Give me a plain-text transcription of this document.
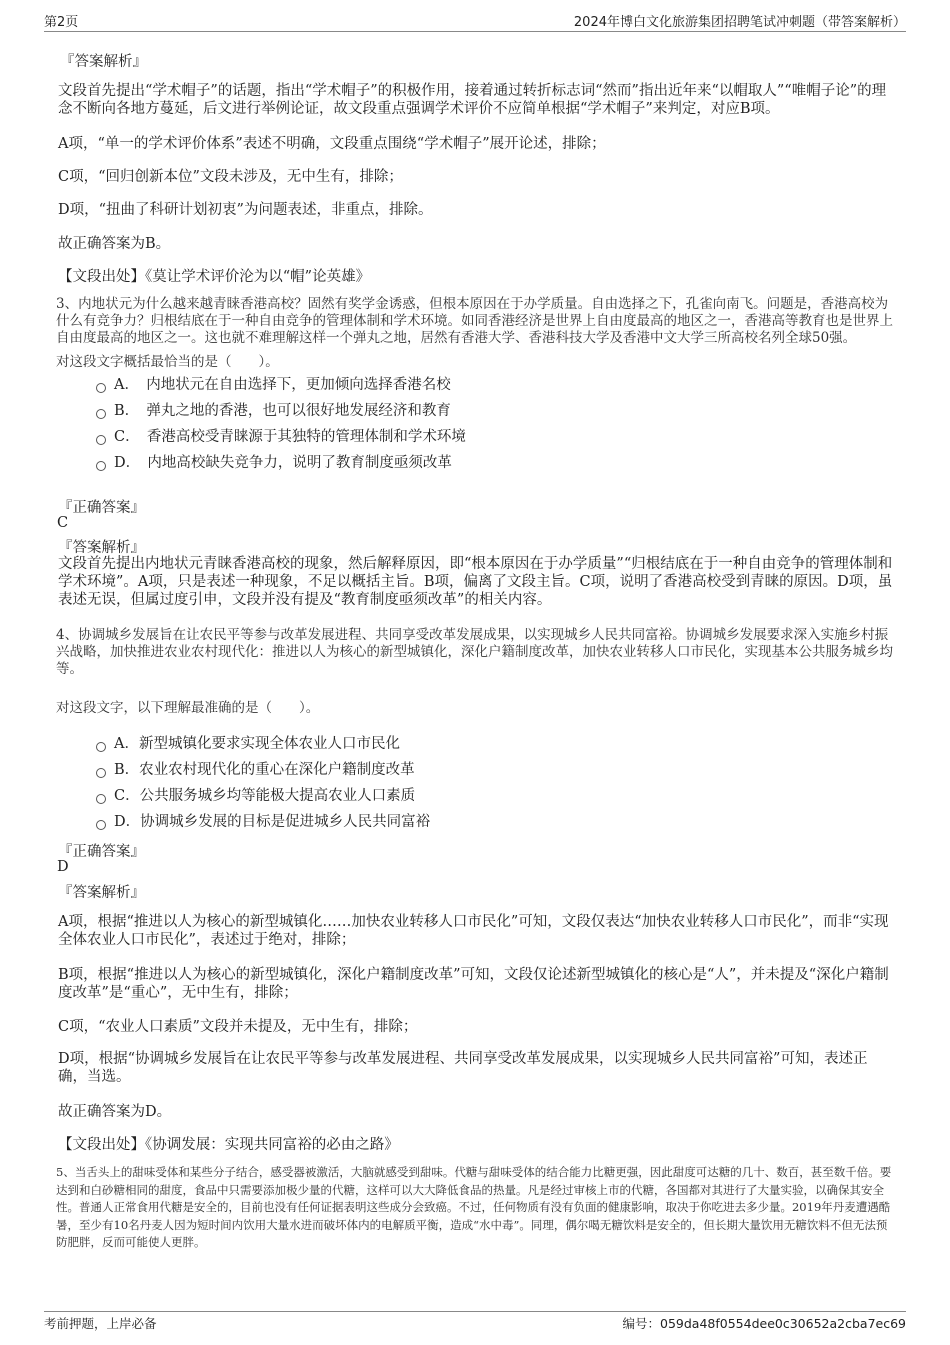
第2页	2024年博白文化旅游集团招聘笔试冲刺题（带答案解析）
『答案解析』
文段首先提出“学术帽子”的话题，指出“学术帽子”的积极作用，接着通过转折标志词“然而”指出近年来“以帽取人”“唯帽子论”的理念不断向各地方蔓延，后文进行举例论证，故文段重点强调学术评价不应简单根据“学术帽子”来判定，对应B项。
A项，“单一的学术评价体系”表述不明确，文段重点围绕“学术帽子”展开论述，排除；
C项，“回归创新本位”文段未涉及，无中生有，排除；
D项，“扭曲了科研计划初衷”为问题表述，非重点，排除。
故正确答案为B。
【文段出处】《莫让学术评价沦为以“帽”论英雄》
3、内地状元为什么越来越青睐香港高校？固然有奖学金诱惑，但根本原因在于办学质量。自由选择之下，孔雀向南飞。问题是，香港高校为什么有竞争力？归根结底在于一种自由竞争的管理体制和学术环境。如同香港经济是世界上自由度最高的地区之一，香港高等教育也是世界上自由度最高的地区之一。这也就不难理解这样一个弹丸之地，居然有香港大学、香港科技大学及香港中文大学三所高校名列全球50强。
对这段文字概括最恰当的是（　　）。
A．　内地状元在自由选择下，更加倾向选择香港名校
B．　弹丸之地的香港，也可以很好地发展经济和教育
C．　香港高校受青睐源于其独特的管理体制和学术环境
D．　内地高校缺失竞争力，说明了教育制度亟须改革
『正确答案』
C
『答案解析』
文段首先提出内地状元青睐香港高校的现象，然后解释原因，即“根本原因在于办学质量”“归根结底在于一种自由竞争的管理体制和学术环境”。A项，只是表述一种现象，不足以概括主旨。B项，偏离了文段主旨。C项，说明了香港高校受到青睐的原因。D项，虽表述无误，但属过度引申，文段并没有提及“教育制度亟须改革”的相关内容。
4、协调城乡发展旨在让农民平等参与改革发展进程、共同享受改革发展成果，以实现城乡人民共同富裕。协调城乡发展要求深入实施乡村振兴战略，加快推进农业农村现代化：推进以人为核心的新型城镇化，深化户籍制度改革，加快农业转移人口市民化，实现基本公共服务城乡均等。
对这段文字，以下理解最准确的是（　　）。
A．新型城镇化要求实现全体农业人口市民化
B．农业农村现代化的重心在深化户籍制度改革
C．公共服务城乡均等能极大提高农业人口素质
D．协调城乡发展的目标是促进城乡人民共同富裕
『正确答案』
D
『答案解析』
A项，根据“推进以人为核心的新型城镇化……加快农业转移人口市民化”可知，文段仅表达“加快农业转移人口市民化”，而非“实现全体农业人口市民化”，表述过于绝对，排除；
B项，根据“推进以人为核心的新型城镇化，深化户籍制度改革”可知，文段仅论述新型城镇化的核心是“人”，并未提及“深化户籍制度改革”是“重心”，无中生有，排除；
C项，“农业人口素质”文段并未提及，无中生有，排除；
D项，根据“协调城乡发展旨在让农民平等参与改革发展进程、共同享受改革发展成果，以实现城乡人民共同富裕”可知，表述正确，当选。
故正确答案为D。
【文段出处】《协调发展：实现共同富裕的必由之路》
5、当舌头上的甜味受体和某些分子结合，感受器被激活，大脑就感受到甜味。代糖与甜味受体的结合能力比糖更强，因此甜度可达糖的几十、数百，甚至数千倍。要达到和白砂糖相同的甜度，食品中只需要添加极少量的代糖，这样可以大大降低食品的热量。凡是经过审核上市的代糖，各国都对其进行了大量实验，以确保其安全性。普通人正常食用代糖是安全的，目前也没有任何证据表明这些成分会致癌。不过，任何物质有没有负面的健康影响，取决于你吃进去多少量。2019年丹麦遭遇酷暑，至少有10名丹麦人因为短时间内饮用大量水进而破坏体内的电解质平衡，造成“水中毒”。同理，偶尔喝无糖饮料是安全的，但长期大量饮用无糖饮料不但无法预防肥胖，反而可能使人更胖。
考前押题，上岸必备	编号：059da48f0554dee0c30652a2cba7ec69
